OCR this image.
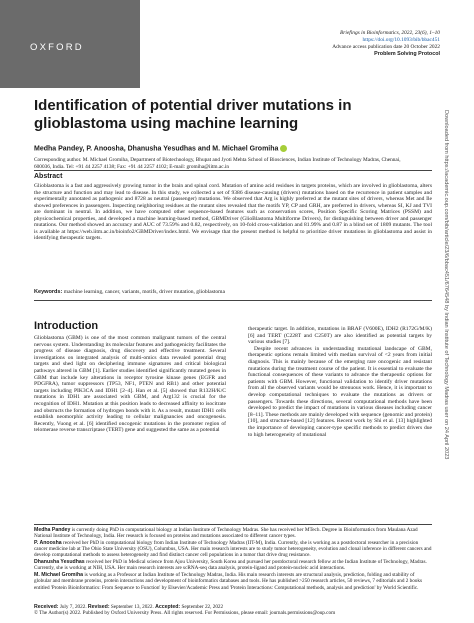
OXFORD
Briefings in Bioinformatics, 2022, 23(6), 1–10
https://doi.org/10.1093/bib/bbac451
Advance access publication date 20 October 2022
Problem Solving Protocol
Downloaded from https://academic.oup.com/bib/article/23/6/bbac451/6764548 by Indian Institute of Technology Madras user on 24 April 2023
Identification of potential driver mutations in glioblastoma using machine learning
Medha Pandey, P. Anoosha, Dhanusha Yesudhas and M. Michael Gromiha
Corresponding author. M. Michael Gromiha, Department of Biotechnology, Bhupat and Jyoti Mehta School of Biosciences, Indian Institute of Technology Madras, Chennai, 600036, India. Tel: +91 44 2257 4138; Fax: +91 44 2257 4102; E-mail: gromiha@iitm.ac.in
Abstract
Glioblastoma is a fast and aggressively growing tumor in the brain and spinal cord. Mutation of amino acid residues in targets proteins, which are involved in glioblastoma, alters the structure and function and may lead to disease. In this study, we collected a set of 9386 disease-causing (drivers) mutations based on the recurrence in patient samples and experimentally annotated as pathogenic and 8728 as neutral (passenger) mutations. We observed that Arg is highly preferred at the mutant sites of drivers, whereas Met and Ile showed preferences in passengers. Inspecting neighboring residues at the mutant sites revealed that the motifs YP, CP and GRH, are preferred in drivers, whereas SI, KJ and TVI are dominant in neutral. In addition, we have computed other sequence-based features such as conservation scores, Position Specific Scoring Matrices (PSSM) and physicochemical properties, and developed a machine learning-based method, GBMDriver (GlioBlastoma Multiforme Drivers), for distinguishing between driver and passenger mutations. Our method showed an accuracy and AUC of 73.59% and 0.82, respectively, on 10-fold cross-validation and 81.99% and 0.87 in a blind set of 1809 mutants. The tool is available at https://web.iitm.ac.in/bioinfo2/GBMDriver/index.html. We envisage that the present method is helpful to prioritize driver mutations in glioblastoma and assist in identifying therapeutic targets.
Keywords: machine learning, cancer, variants, motifs, driver mutation, glioblastoma
Introduction
Glioblastoma (GBM) is one of the most common malignant tumors of the central nervous system. Understanding its molecular features and pathogenicity facilitates the progress of disease diagnosis, drug discovery and effective treatment. Several investigations on integrated analysis of multi-omics data revealed potential drug targets and shed light on deciphering immune signatures and critical biological pathways altered in GBM [1]. Earlier studies identified significantly mutated genes in GBM that include key alterations in receptor tyrosine kinase genes (EGFR and PDGFRA), tumor suppressors (TP53, NF1, PTEN and RB1) and other potential targets including PIK3CA and IDH1 [2–4]. Han et al. [5] showed that R132H/K/C mutations in IDH1 are associated with GBM, and Arg132 is crucial for the recognition of IDH1. Mutation at this position leads to decreased affinity to isocitrate and obstructs the formation of hydrogen bonds with it. As a result, mutant IDH1 cells establish neomorphic activity leading to cellular malignancies and oncogenesis. Recently, Vuong et al. [6] identified oncogenic mutations in the promoter region of telomerase reverse transcriptase (TERT) gene and suggested the same as a potential

therapeutic target. In addition, mutations in BRAF (V600E), IDH2 (R172G/M/K) [6] and TERT (C228T and C250T) are also identified as potential targets by various studies [7].

Despite recent advances in understanding mutational landscape of GBM, therapeutic options remain limited with median survival of <2 years from initial diagnosis. This is mainly because of the emerging rare oncogenic and resistant mutations during the treatment course of the patient. It is essential to evaluate the functional consequences of these variants to advance the therapeutic options for patients with GBM. However, functional validation to identify driver mutations from all the observed variants would be strenuous work. Hence, it is important to develop computational techniques to evaluate the mutations as drivers or passengers. Towards these directions, several computational methods have been developed to predict the impact of mutations in various diseases including cancer [8–11]. These methods are mainly developed with sequence (genomic and protein) [10], and structure-based [12] features. Recent work by Shi et al. [13] highlighted the importance of developing cancer-type specific methods to predict drivers due to high heterogeneity of mutational

Medha Pandey is currently doing PhD in computational biology at Indian Institute of Technology Madras. She has received her MTech. Degree in Bioinformatics from Maulana Azad National Institute of Technology, India. Her research is focused on proteins and mutations associated to different cancer types.
P. Anoosha received her PhD in computational biology from Indian Institute of Technology Madras (IIT-M), India. Currently, she is working as a postdoctoral researcher in a precision cancer medicine lab at The Ohio State University (OSU), Columbus, USA. Her main research interests are to study tumor heterogeneity, evolution and clonal inference in different cancers and develop computational methods to assess heterogeneity and find distinct cancer cell populations in a tumor that drive drug resistance.
Dhanusha Yesudhas received her PhD in Medical science from Ajou University, South Korea and pursued her postdoctoral research fellow at the Indian Institute of Technology, Madras. Currently, she is working at NIH, USA. Her main research interests are scRNA-seq data analysis, protein-ligand and protein-nucleic acid interactions.
M. Michael Gromiha is working as a Professor at Indian Institute of Technology Madras, India. His main research interests are structural analysis, prediction, folding and stability of globular and membrane proteins, protein interactions and development of bioinformatics databases and tools. He has published >250 research articles, 50 reviews, 7 editorials and 2 books entitled 'Protein Bioinformatics: From Sequence to Function' by Elsevier/Academic Press and 'Protein Interactions: Computational methods, analysis and prediction' by World Scientific.
Received: July 7, 2022. Revised: September 13, 2022. Accepted: September 22, 2022
© The Author(s) 2022. Published by Oxford University Press. All rights reserved. For Permissions, please email: journals.permissions@oup.com
